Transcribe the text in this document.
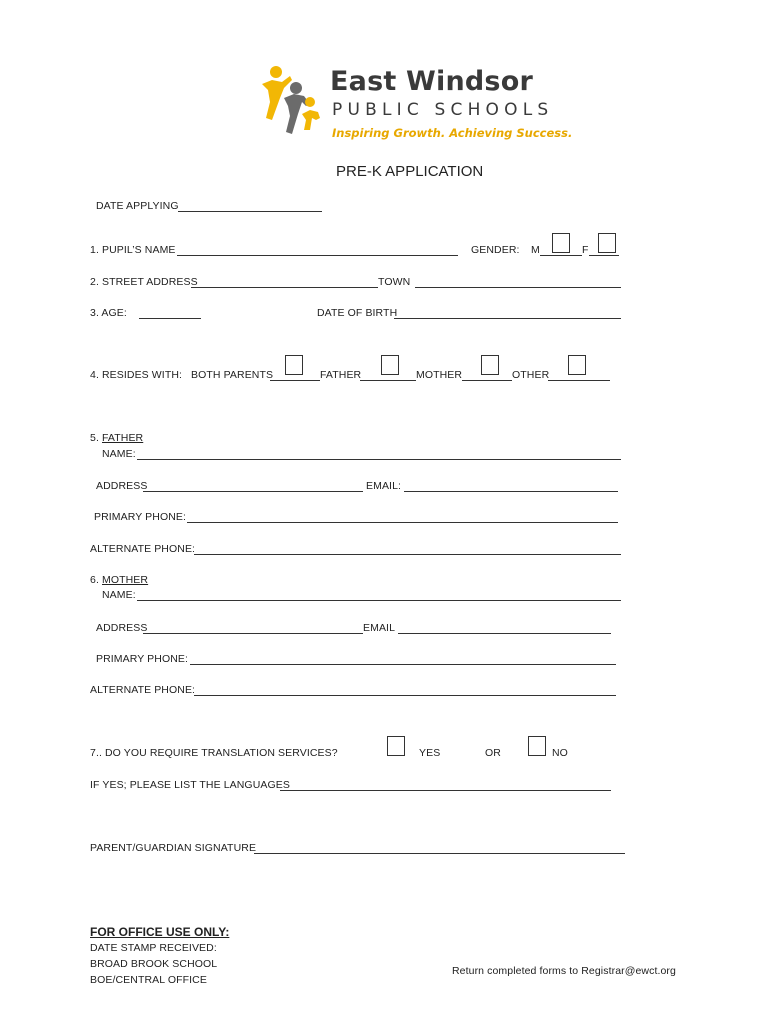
East Windsor
PUBLIC SCHOOLS
Inspiring Growth. Achieving Success.
PRE-K APPLICATION
DATE APPLYING
1. PUPIL’S NAME	GENDER: M	F
2. STREET ADDRESS	TOWN
3. AGE:	DATE OF BIRTH
4. RESIDES WITH: BOTH PARENTS	FATHER	MOTHER	OTHER
5. FATHER
NAME:
ADDRESS	EMAIL:
PRIMARY PHONE:
ALTERNATE PHONE:
6. MOTHER
NAME:
ADDRESS	EMAIL
PRIMARY PHONE:
ALTERNATE PHONE:
7.. DO YOU REQUIRE TRANSLATION SERVICES?	YES	OR	NO
IF YES; PLEASE LIST THE LANGUAGES
PARENT/GUARDIAN SIGNATURE
FOR OFFICE USE ONLY:
DATE STAMP RECEIVED:
BROAD BROOK SCHOOL
BOE/CENTRAL OFFICE
Return completed forms to Registrar@ewct.org
